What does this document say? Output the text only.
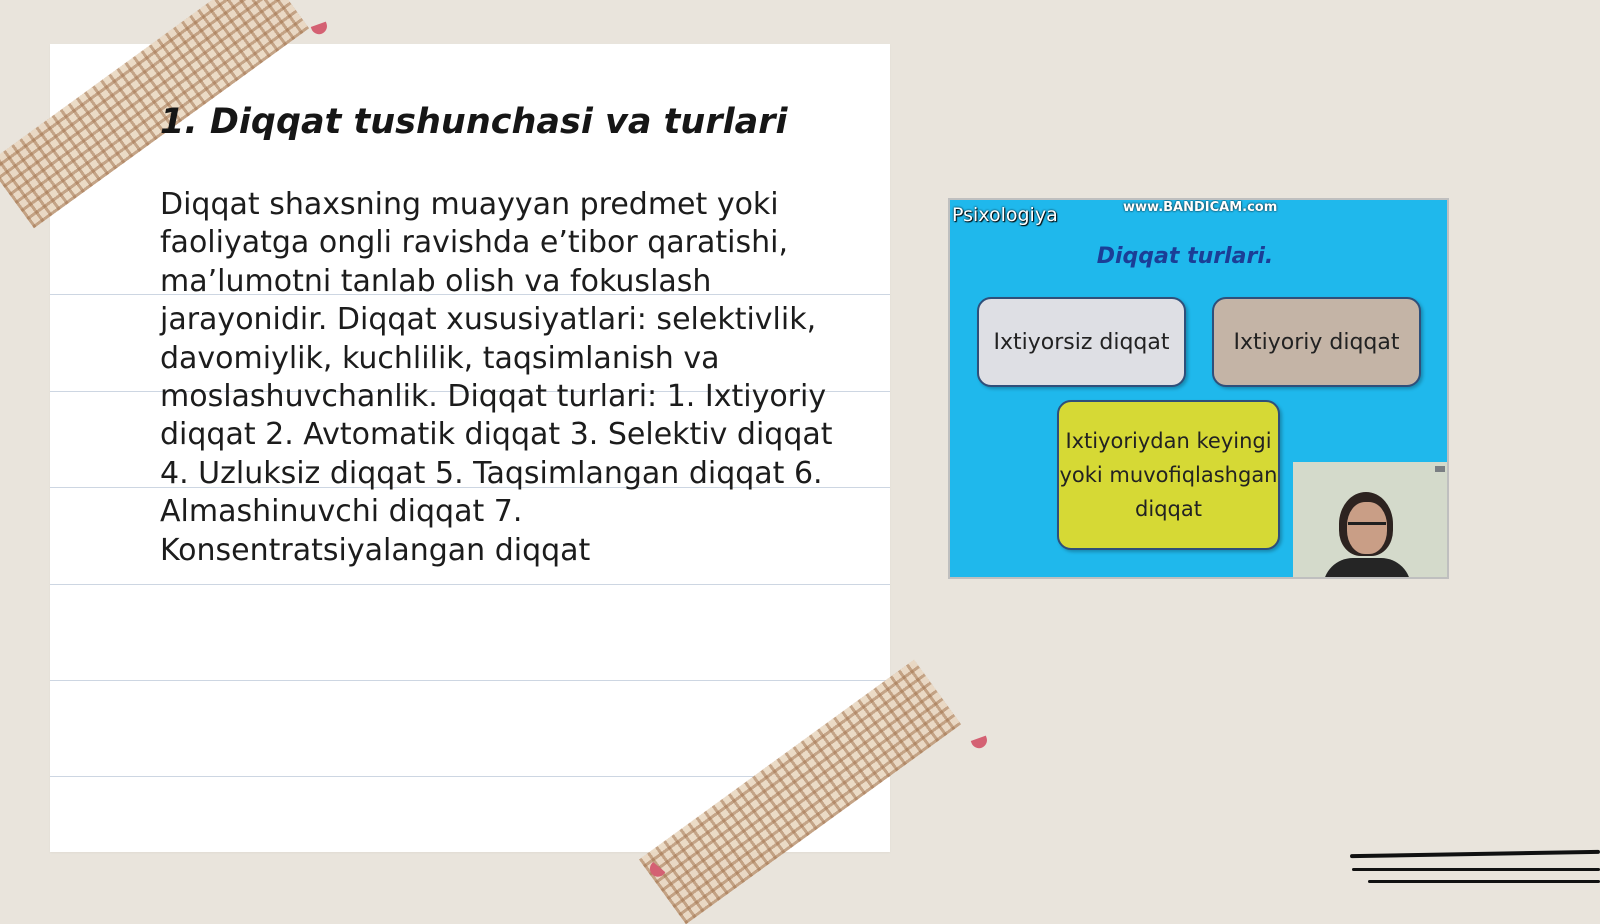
1. Diqqat tushunchasi va turlari

Diqqat shaxsning muayyan predmet yoki faoliyatga ongli ravishda e’tibor qaratishi, ma’lumotni tanlab olish va fokuslash jarayonidir. Diqqat xususiyatlari: selektivlik, davomiylik, kuchlilik, taqsimlanish va moslashuvchanlik. Diqqat turlari: 1. Ixtiyoriy diqqat 2. Avtomatik diqqat 3. Selektiv diqqat 4. Uzluksiz diqqat 5. Taqsimlangan diqqat 6. Almashinuvchi diqqat 7. Konsentratsiyalangan diqqat

Psixologiya	www.BANDICAM.com

Diqqat turlari.

Ixtiyorsiz diqqat	Ixtiyoriy diqqat
Ixtiyoriydan keyingi yoki muvofiqlashgan diqqat
